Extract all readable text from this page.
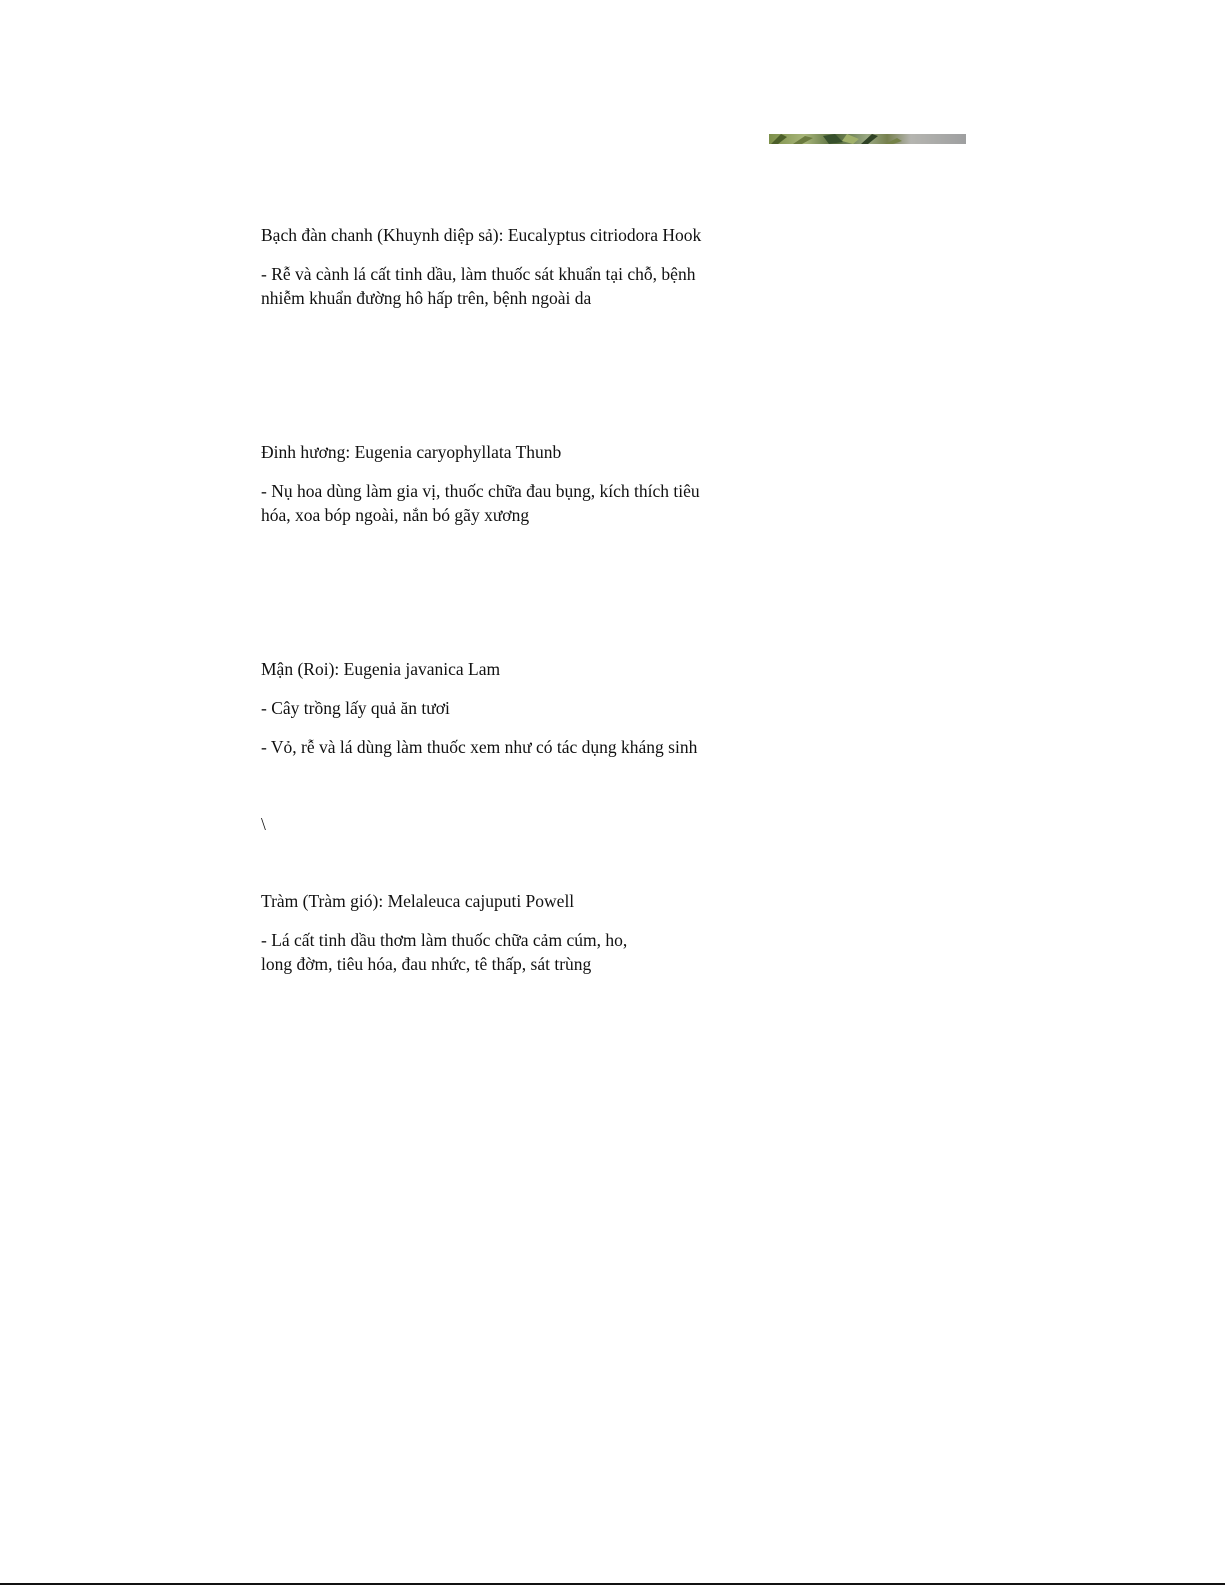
Bạch đàn chanh (Khuynh diệp sả): Eucalyptus citriodora Hook

- Rễ và cành lá cất tinh dầu, làm thuốc sát khuẩn tại chỗ, bệnh

nhiễm khuẩn đường hô hấp trên, bệnh ngoài da

Đinh hương: Eugenia caryophyllata Thunb

- Nụ hoa dùng làm gia vị, thuốc chữa đau bụng, kích thích tiêu

hóa, xoa bóp ngoài, nắn bó gãy xương

Mận (Roi): Eugenia javanica Lam

- Cây trồng lấy quả ăn tươi

- Vỏ, rễ và lá dùng làm thuốc xem như có tác dụng kháng sinh

\

Tràm (Tràm gió): Melaleuca cajuputi Powell

- Lá cất tinh dầu thơm làm thuốc chữa cảm cúm, ho,

long đờm, tiêu hóa, đau nhức, tê thấp, sát trùng
